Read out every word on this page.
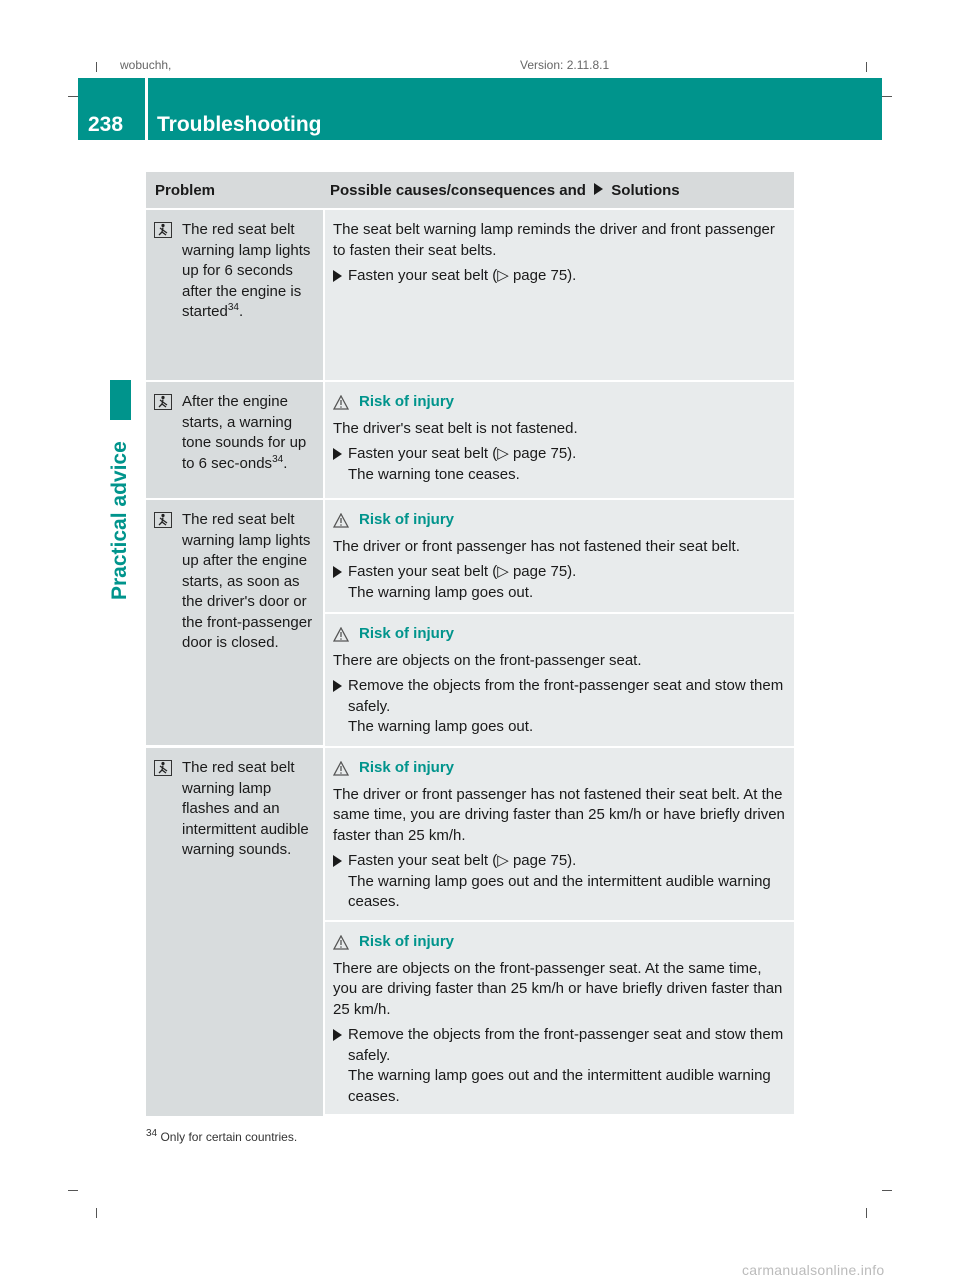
wobuchh,	Version: 2.11.8.1
238 Troubleshooting
Practical advice
Problem	Possible causes/consequences and Solutions
The red seat belt warning lamp lights up for 6 seconds after the engine is started$^{34}$.
The seat belt warning lamp reminds the driver and front passenger to fasten their seat belts.
Fasten your seat belt (▷ page 75).
After the engine starts, a warning tone sounds for up to 6 sec-onds$^{34}$.
Risk of injury
The driver's seat belt is not fastened.
Fasten your seat belt (▷ page 75).
The warning tone ceases.
The red seat belt warning lamp lights up after the engine starts, as soon as the driver's door or the front-passenger door is closed.
Risk of injury
The driver or front passenger has not fastened their seat belt.
Fasten your seat belt (▷ page 75).
The warning lamp goes out.
Risk of injury
There are objects on the front-passenger seat.
Remove the objects from the front-passenger seat and stow them safely.
The warning lamp goes out.
The red seat belt warning lamp flashes and an intermittent audible warning sounds.
Risk of injury
The driver or front passenger has not fastened their seat belt. At the same time, you are driving faster than 25 km/h or have briefly driven faster than 25 km/h.
Fasten your seat belt (▷ page 75).
The warning lamp goes out and the intermittent audible warning ceases.
Risk of injury
There are objects on the front-passenger seat. At the same time, you are driving faster than 25 km/h or have briefly driven faster than 25 km/h.
Remove the objects from the front-passenger seat and stow them safely.
The warning lamp goes out and the intermittent audible warning ceases.
$^{34}$ Only for certain countries.
carmanualsonline.info
